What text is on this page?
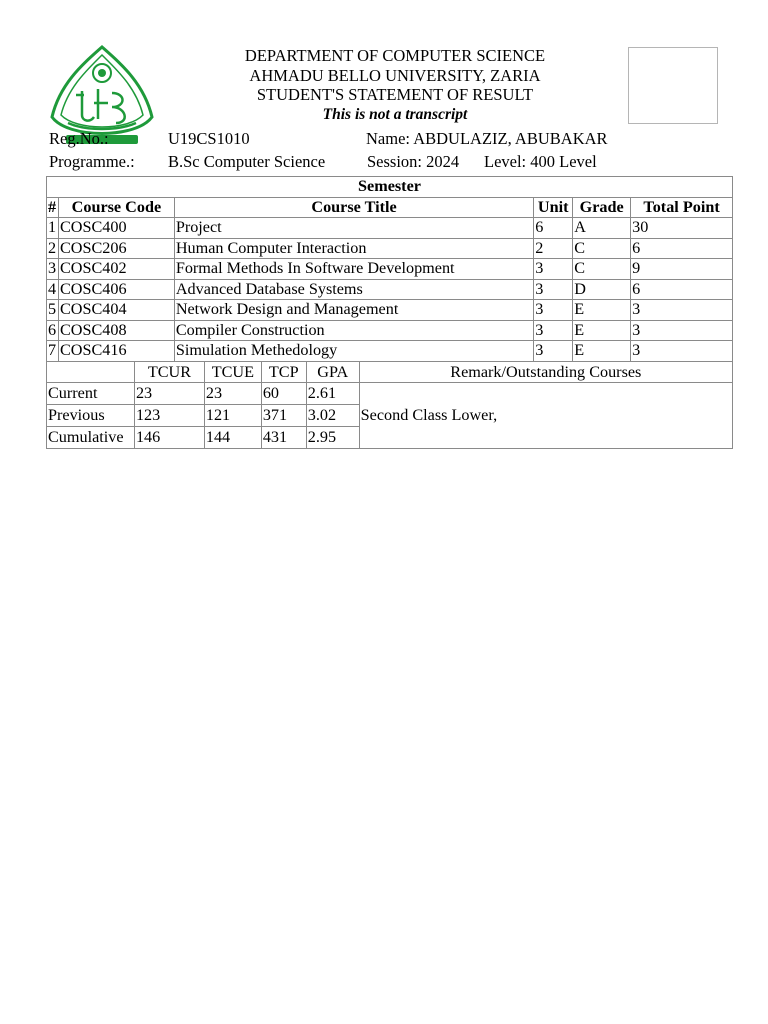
DEPARTMENT OF COMPUTER SCIENCE
AHMADU BELLO UNIVERSITY, ZARIA
STUDENT'S STATEMENT OF RESULT
This is not a transcript
Reg.No.:	U19CS1010	Name: ABDULAZIZ, ABUBAKAR
Programme.: B.Sc Computer Science	Session: 2024 Level: 400 Level
Semester					
#	Course Code	Course Title	Unit	Grade	Total Point
1	COSC400	Project	6	A	30
2	COSC206	Human Computer Interaction	2	C	6
3	COSC402	Formal Methods In Software Development	3	C	9
4	COSC406	Advanced Database Systems	3	D	6
5	COSC404	Network Design and Management	3	E	3
6	COSC408	Compiler Construction	3	E	3
7	COSC416	Simulation Methedology	3	E	3
	TCUR	TCUE	TCP	GPA	Remark/Outstanding Courses
Current	23	23	60	2.61	Second Class Lower,
Previous	123	121	371	3.02	
Cumulative	146	144	431	2.95	
